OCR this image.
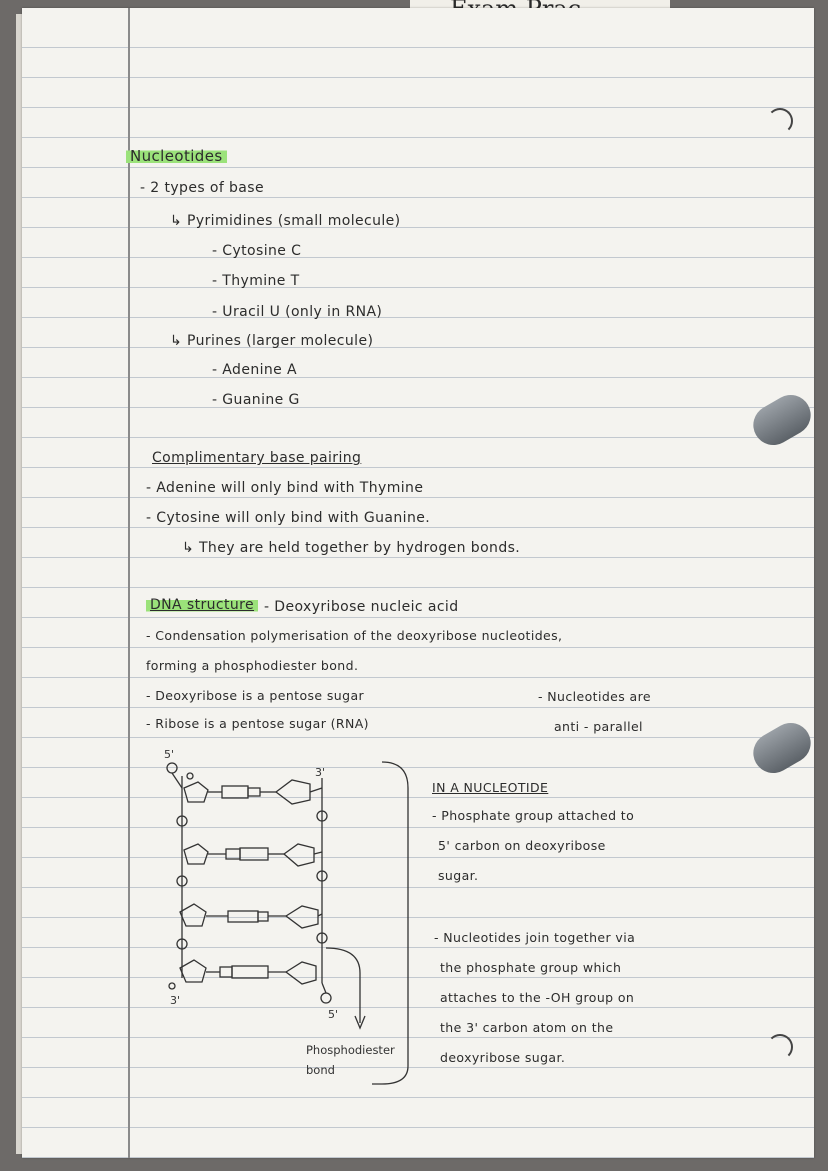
Nucleotides
- 2 types of base
↳ Pyrimidines (small molecule)
- Cytosine C
- Thymine T
- Uracil U (only in RNA)
↳ Purines (larger molecule)
- Adenine A
- Guanine G
Complimentary base pairing
- Adenine will only bind with Thymine
- Cytosine will only bind with Guanine.
↳ They are held together by hydrogen bonds.
DNA structure - Deoxyribose nucleic acid
- Condensation polymerisation of the deoxyribose nucleotides,
forming a phosphodiester bond.
- Deoxyribose is a pentose sugar
- Ribose is a pentose sugar (RNA)
- Nucleotides are
anti - parallel
IN A NUCLEOTIDE
- Phosphate group attached to
5' carbon on deoxyribose
sugar.
- Nucleotides join together via
the phosphate group which
attaches to the -OH group on
the 3' carbon atom on the
deoxyribose sugar.
5'
3'
3'
5'
Phosphodiester
bond
